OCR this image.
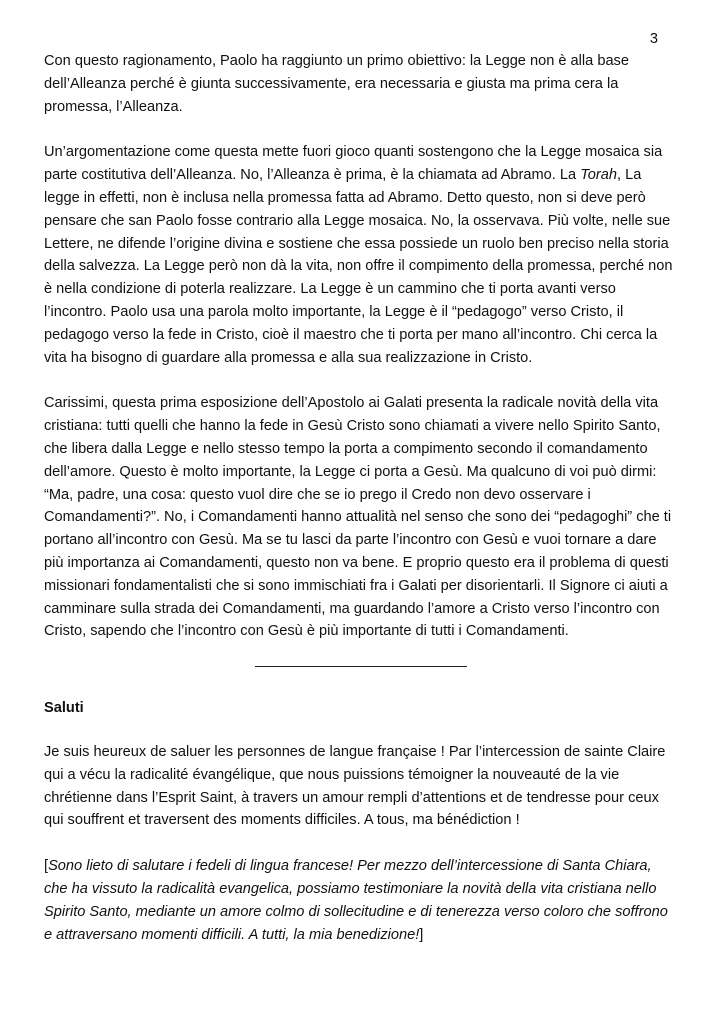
3

Con questo ragionamento, Paolo ha raggiunto un primo obiettivo: la Legge non è alla base dell’Alleanza perché è giunta successivamente, era necessaria e giusta ma prima cera la promessa, l’Alleanza.

Un’argomentazione come questa mette fuori gioco quanti sostengono che la Legge mosaica sia parte costitutiva dell’Alleanza. No, l’Alleanza è prima, è la chiamata ad Abramo. La Torah, La legge in effetti, non è inclusa nella promessa fatta ad Abramo. Detto questo, non si deve però pensare che san Paolo fosse contrario alla Legge mosaica. No, la osservava. Più volte, nelle sue Lettere, ne difende l’origine divina e sostiene che essa possiede un ruolo ben preciso nella storia della salvezza. La Legge però non dà la vita, non offre il compimento della promessa, perché non è nella condizione di poterla realizzare. La Legge è un cammino che ti porta avanti verso l’incontro. Paolo usa una parola molto importante, la Legge è il “pedagogo” verso Cristo, il pedagogo verso la fede in Cristo, cioè il maestro che ti porta per mano all’incontro. Chi cerca la vita ha bisogno di guardare alla promessa e alla sua realizzazione in Cristo.

Carissimi, questa prima esposizione dell’Apostolo ai Galati presenta la radicale novità della vita cristiana: tutti quelli che hanno la fede in Gesù Cristo sono chiamati a vivere nello Spirito Santo, che libera dalla Legge e nello stesso tempo la porta a compimento secondo il comandamento dell’amore. Questo è molto importante, la Legge ci porta a Gesù. Ma qualcuno di voi può dirmi: “Ma, padre, una cosa: questo vuol dire che se io prego il Credo non devo osservare i Comandamenti?”. No, i Comandamenti hanno attualità nel senso che sono dei “pedagoghi” che ti portano all’incontro con Gesù. Ma se tu lasci da parte l’incontro con Gesù e vuoi tornare a dare più importanza ai Comandamenti, questo non va bene. E proprio questo era il problema di questi missionari fondamentalisti che si sono immischiati fra i Galati per disorientarli. Il Signore ci aiuti a camminare sulla strada dei Comandamenti, ma guardando l’amore a Cristo verso l’incontro con Cristo, sapendo che l’incontro con Gesù è più importante di tutti i Comandamenti.

Saluti

Je suis heureux de saluer les personnes de langue française ! Par l’intercession de sainte Claire qui a vécu la radicalité évangélique, que nous puissions témoigner la nouveauté de la vie chrétienne dans l’Esprit Saint, à travers un amour rempli d’attentions et de tendresse pour ceux qui souffrent et traversent des moments difficiles. A tous, ma bénédiction !

[Sono lieto di salutare i fedeli di lingua francese! Per mezzo dell’intercessione di Santa Chiara, che ha vissuto la radicalità evangelica, possiamo testimoniare la novità della vita cristiana nello Spirito Santo, mediante un amore colmo di sollecitudine e di tenerezza verso coloro che soffrono e attraversano momenti difficili. A tutti, la mia benedizione!]
